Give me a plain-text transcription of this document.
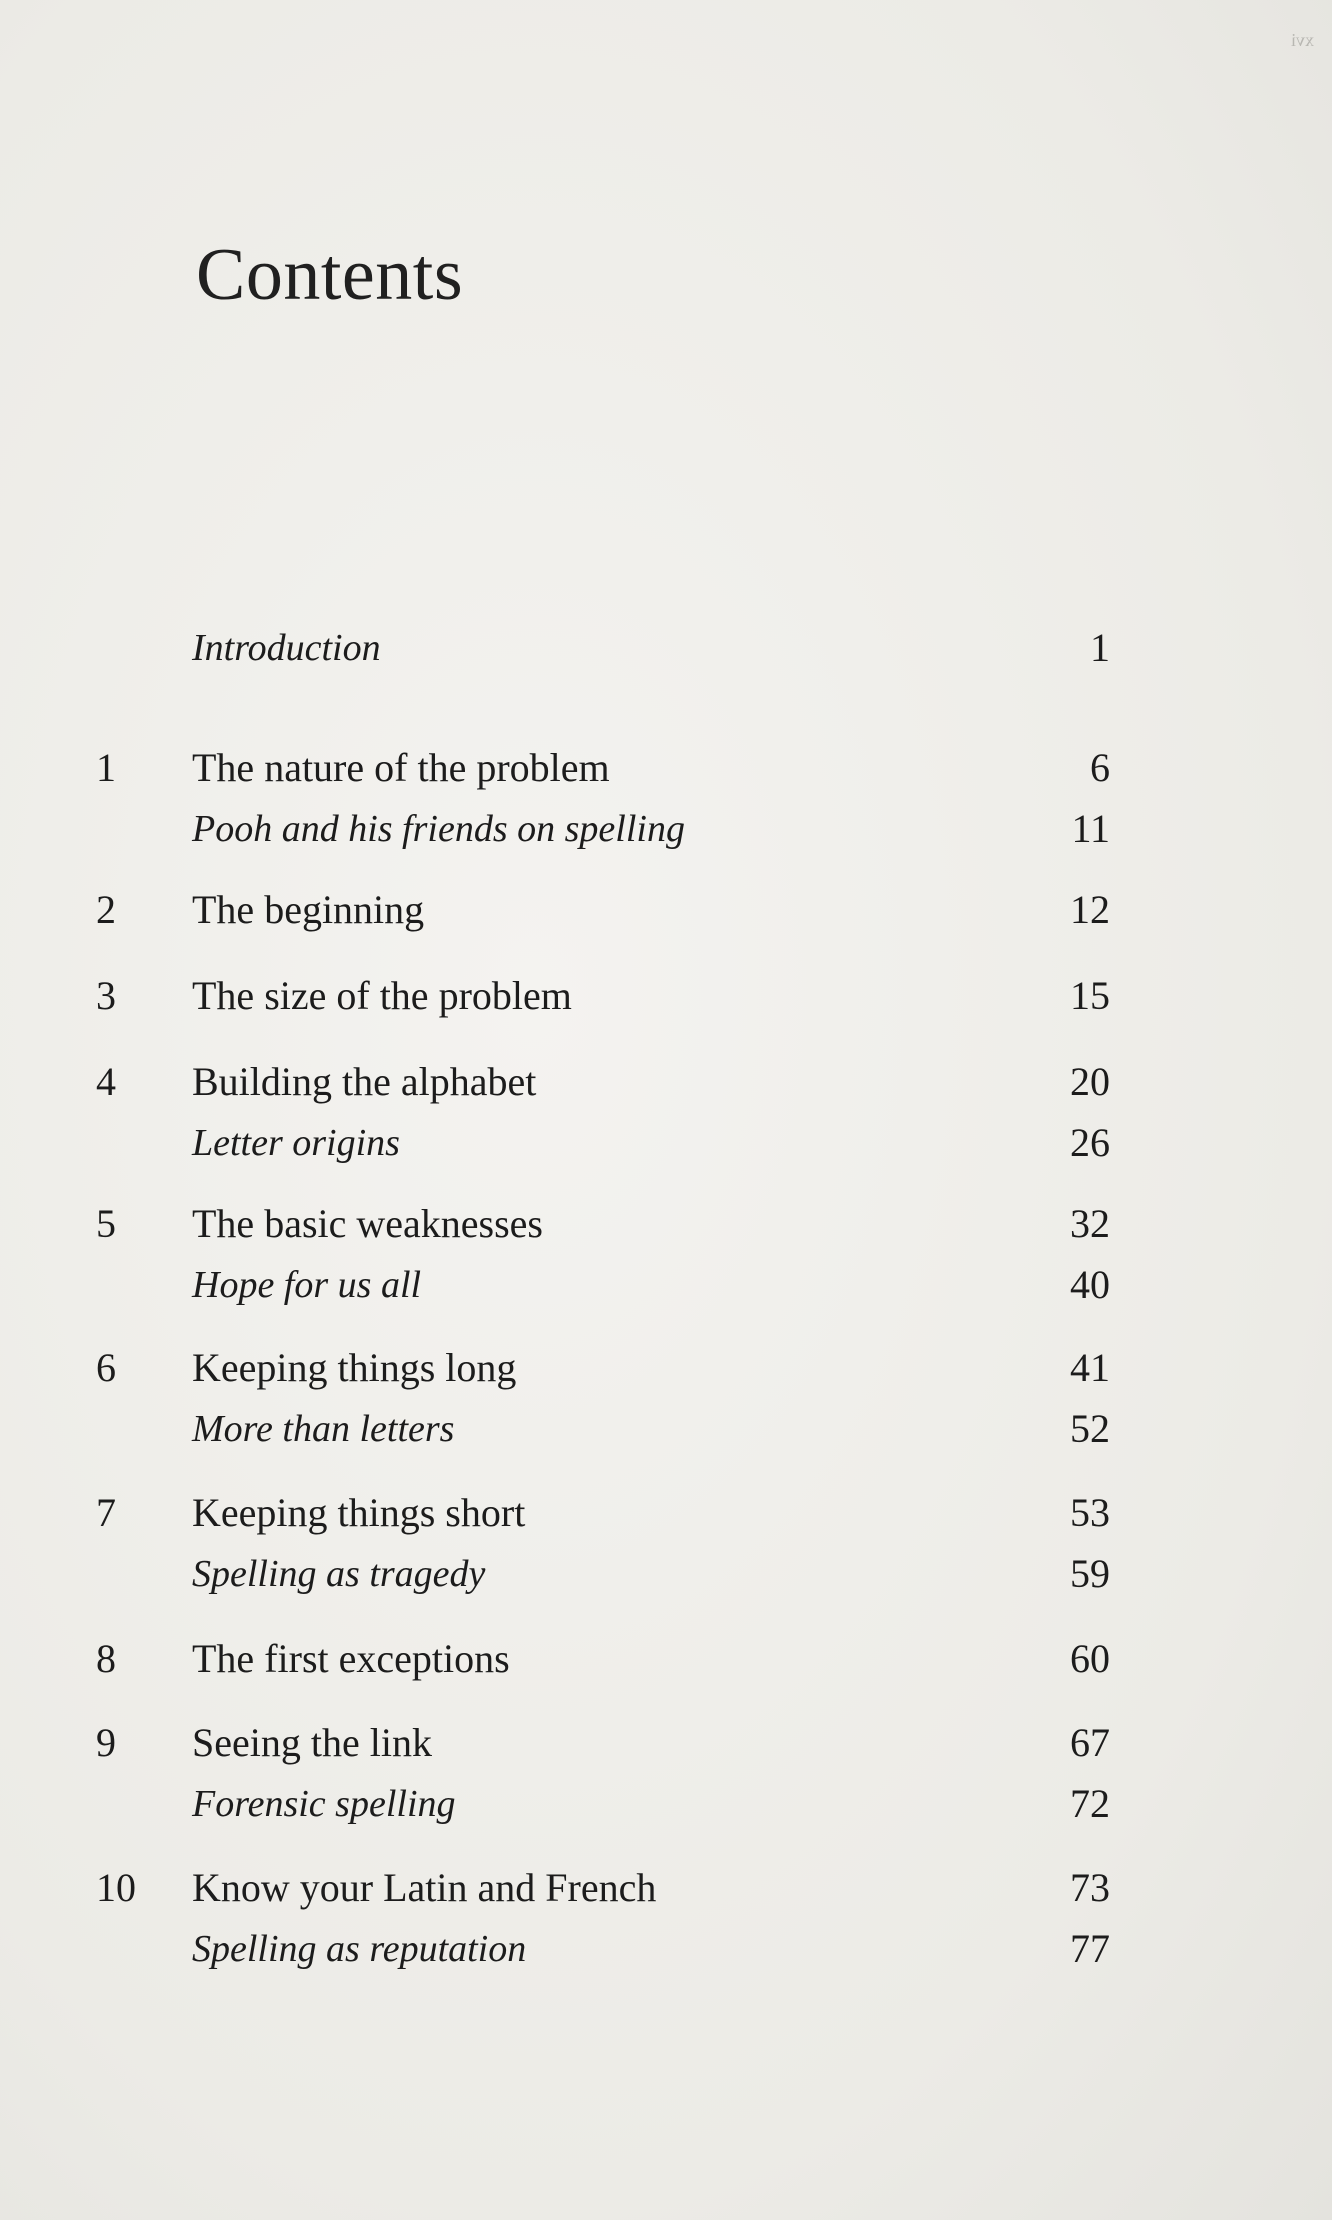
xvi
Contents
Introduction	1
1	The nature of the problem	6
Pooh and his friends on spelling	11
2	The beginning	12
3	The size of the problem	15
4	Building the alphabet	20
Letter origins	26
5	The basic weaknesses	32
Hope for us all	40
6	Keeping things long	41
More than letters	52
7	Keeping things short	53
Spelling as tragedy	59
8	The first exceptions	60
9	Seeing the link	67
Forensic spelling	72
10 Know your Latin and French	73
Spelling as reputation	77
